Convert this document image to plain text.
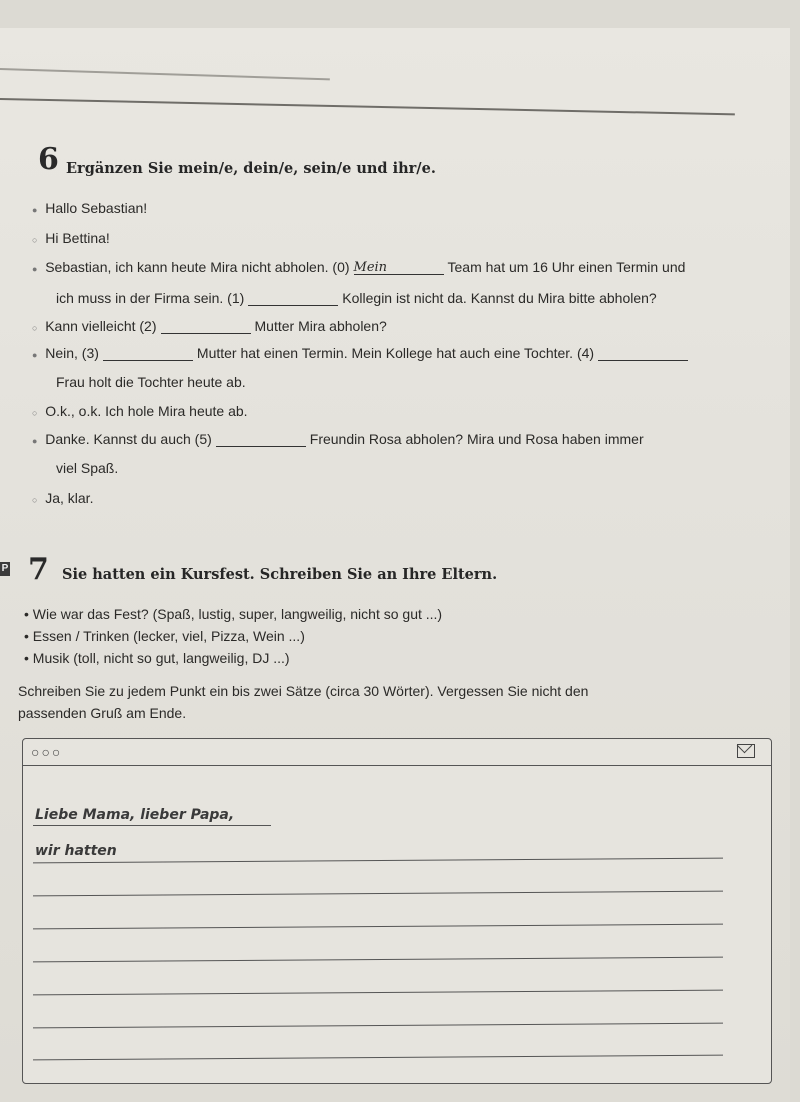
6 Ergänzen Sie mein/e, dein/e, sein/e und ihr/e.
● Hallo Sebastian!
○ Hi Bettina!
● Sebastian, ich kann heute Mira nicht abholen. (0) Mein	Team hat um 16 Uhr einen Termin und
ich muss in der Firma sein. (1)	Kollegin ist nicht da. Kannst du Mira bitte abholen?
○ Kann vielleicht (2)	Mutter Mira abholen?
● Nein, (3)	Mutter hat einen Termin. Mein Kollege hat auch eine Tochter. (4)
Frau holt die Tochter heute ab.
○ O.k., o.k. Ich hole Mira heute ab.
● Danke. Kannst du auch (5)	Freundin Rosa abholen? Mira und Rosa haben immer
viel Spaß.
○ Ja, klar.
P 7 Sie hatten ein Kursfest. Schreiben Sie an Ihre Eltern.
• Wie war das Fest? (Spaß, lustig, super, langweilig, nicht so gut ...)
• Essen / Trinken (lecker, viel, Pizza, Wein ...)
• Musik (toll, nicht so gut, langweilig, DJ ...)
Schreiben Sie zu jedem Punkt ein bis zwei Sätze (circa 30 Wörter). Vergessen Sie nicht den
passenden Gruß am Ende.
○○○
Liebe Mama, lieber Papa,
wir hatten
